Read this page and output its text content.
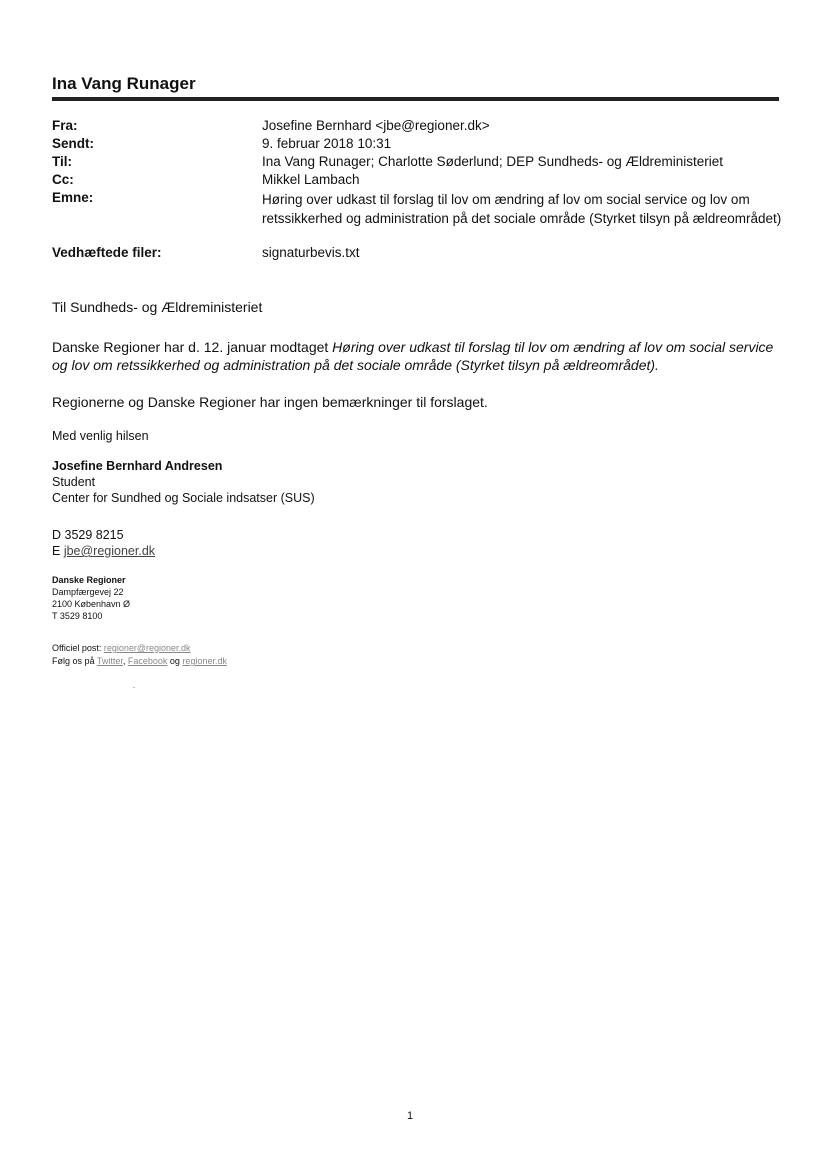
Ina Vang Runager
Fra:	Josefine Bernhard <jbe@regioner.dk>
Sendt:	9. februar 2018 10:31
Til:	Ina Vang Runager; Charlotte Søderlund; DEP Sundheds- og Ældreministeriet
Cc:	Mikkel Lambach
Emne:	Høring over udkast til forslag til lov om ændring af lov om social service og lov om retssikkerhed og administration på det sociale område (Styrket tilsyn på ældreområdet)
Vedhæftede filer:	signaturbevis.txt
Til Sundheds- og Ældreministeriet
Danske Regioner har d. 12. januar modtaget Høring over udkast til forslag til lov om ændring af lov om social service og lov om retssikkerhed og administration på det sociale område (Styrket tilsyn på ældreområdet).
Regionerne og Danske Regioner har ingen bemærkninger til forslaget.
Med venlig hilsen
Josefine Bernhard Andresen
Student
Center for Sundhed og Sociale indsatser (SUS)
D 3529 8215
E jbe@regioner.dk
Danske Regioner
Dampfærgevej 22
2100 København Ø
T 3529 8100
Officiel post: regioner@regioner.dk
Følg os på Twitter, Facebook og regioner.dk
1
